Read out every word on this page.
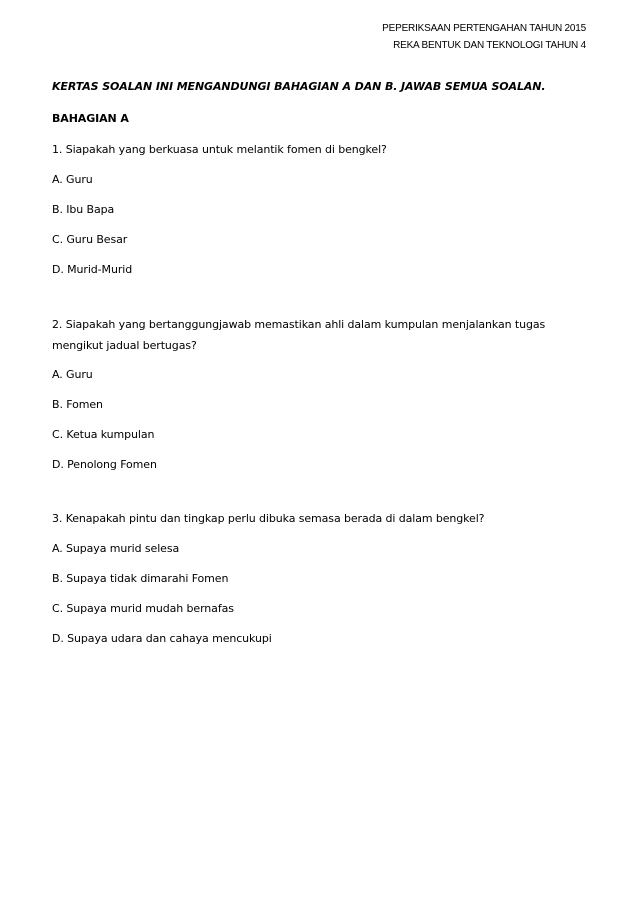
PEPERIKSAAN PERTENGAHAN TAHUN 2015
REKA BENTUK DAN TEKNOLOGI TAHUN 4
KERTAS SOALAN INI MENGANDUNGI BAHAGIAN A DAN B. JAWAB SEMUA SOALAN.
BAHAGIAN A
1. Siapakah yang berkuasa untuk melantik fomen di bengkel?
A. Guru
B. Ibu Bapa
C. Guru Besar
D. Murid-Murid
2. Siapakah yang bertanggungjawab memastikan ahli dalam kumpulan menjalankan tugas mengikut jadual bertugas?
A. Guru
B. Fomen
C. Ketua kumpulan
D. Penolong Fomen
3. Kenapakah pintu dan tingkap perlu dibuka semasa berada di dalam bengkel?
A. Supaya murid selesa
B. Supaya tidak dimarahi Fomen
C. Supaya murid mudah bernafas
D. Supaya udara dan cahaya mencukupi
